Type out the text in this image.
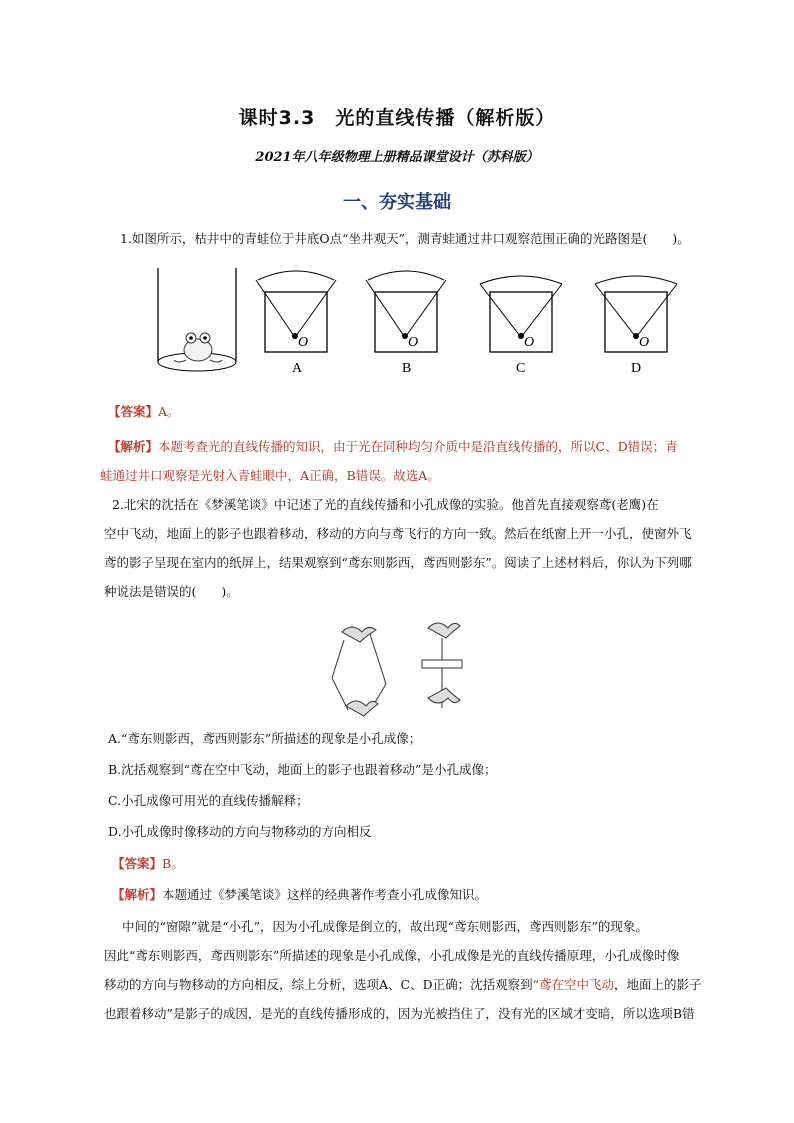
课时3.3　光的直线传播（解析版）
2021年八年级物理上册精品课堂设计（苏科版）
一、夯实基础
1.如图所示，枯井中的青蛙位于井底O点“坐井观天”，测青蛙通过井口观察范围正确的光路图是(　　)。
O	O	O	O
A	B	C	D
【答案】A。
【解析】本题考查光的直线传播的知识，由于光在同种均匀介质中是沿直线传播的，所以C、D错误；青
蛙通过井口观察是光射入青蛙眼中，A正确，B错误。故选A。
2.北宋的沈括在《梦溪笔谈》中记述了光的直线传播和小孔成像的实验。他首先直接观察鸢(老鹰)在
空中飞动，地面上的影子也跟着移动，移动的方向与鸢飞行的方向一致。然后在纸窗上开一小孔，使窗外飞
鸢的影子呈现在室内的纸屏上，结果观察到“鸢东则影西，鸢西则影东”。阅读了上述材料后，你认为下列哪
种说法是错误的(　　)。
A.“鸢东则影西，鸢西则影东”所描述的现象是小孔成像；
B.沈括观察到“鸢在空中飞动，地面上的影子也跟着移动”是小孔成像；
C.小孔成像可用光的直线传播解释；
D.小孔成像时像移动的方向与物移动的方向相反
【答案】B。
【解析】本题通过《梦溪笔谈》这样的经典著作考查小孔成像知识。
中间的“窗隙”就是“小孔”，因为小孔成像是倒立的，故出现“鸢东则影西，鸢西则影东”的现象。
因此“鸢东则影西，鸢西则影东”所描述的现象是小孔成像，小孔成像是光的直线传播原理，小孔成像时像
移动的方向与物移动的方向相反，综上分析，选项A、C、D正确；沈括观察到“鸢在空中飞动，地面上的影子
也跟着移动”是影子的成因，是光的直线传播形成的，因为光被挡住了，没有光的区域才变暗，所以选项B错
